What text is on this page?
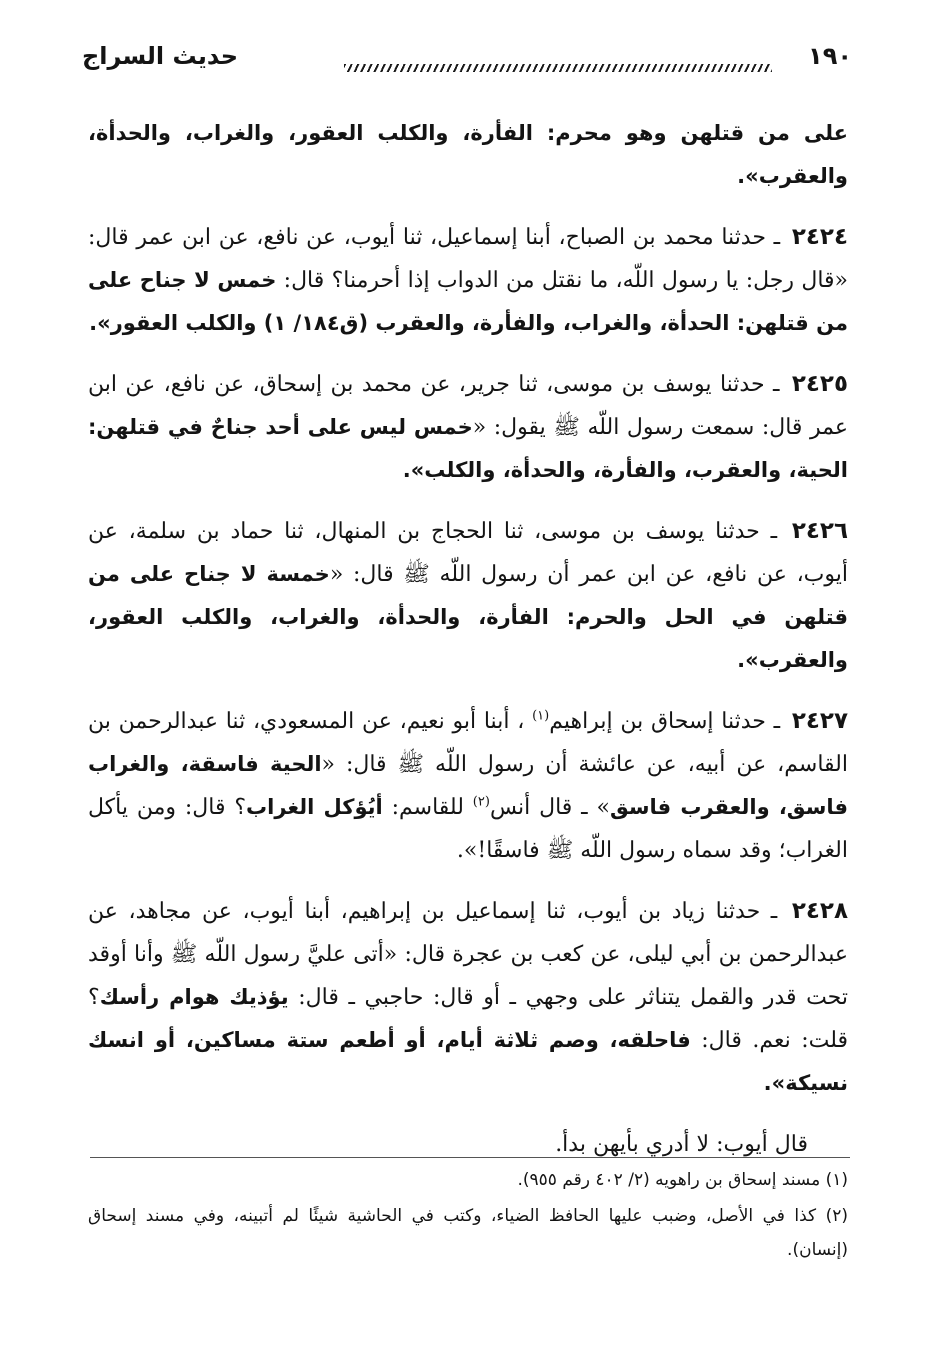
١٩٠
حديث السراج

على من قتلهن وهو محرم: الفأرة، والكلب العقور، والغراب، والحدأة، والعقرب».

٢٤٢٤ ـ حدثنا محمد بن الصباح، أبنا إسماعيل، ثنا أيوب، عن نافع، عن ابن عمر قال: «قال رجل: يا رسول اللّه، ما نقتل من الدواب إذا أحرمنا؟ قال: خمس لا جناح على من قتلهن: الحدأة، والغراب، والفأرة، والعقرب (ق١٨٤/ ١) والكلب العقور».

٢٤٢٥ ـ حدثنا يوسف بن موسى، ثنا جرير، عن محمد بن إسحاق، عن نافع، عن ابن عمر قال: سمعت رسول اللّه ﷺ يقول: «خمس ليس على أحد جناحٌ في قتلهن: الحية، والعقرب، والفأرة، والحدأة، والكلب».

٢٤٢٦ ـ حدثنا يوسف بن موسى، ثنا الحجاج بن المنهال، ثنا حماد بن سلمة، عن أيوب، عن نافع، عن ابن عمر أن رسول اللّه ﷺ قال: «خمسة لا جناح على من قتلهن في الحل والحرم: الفأرة، والحدأة، والغراب، والكلب العقور، والعقرب».

٢٤٢٧ ـ حدثنا إسحاق بن إبراهيم$^{(١)}$ ، أبنا أبو نعيم، عن المسعودي، ثنا عبدالرحمن بن القاسم، عن أبيه، عن عائشة أن رسول اللّه ﷺ قال: «الحية فاسقة، والغراب فاسق، والعقرب فاسق» ـ قال أنس$^{(٢)}$ للقاسم: أيُؤكل الغراب؟ قال: ومن يأكل الغراب؛ وقد سماه رسول اللّه ﷺ فاسقًا!».

٢٤٢٨ ـ حدثنا زياد بن أيوب، ثنا إسماعيل بن إبراهيم، أبنا أيوب، عن مجاهد، عن عبدالرحمن بن أبي ليلى، عن كعب بن عجرة قال: «أتى عليَّ رسول اللّه ﷺ وأنا أوقد تحت قدر والقمل يتناثر على وجهي ـ أو قال: حاجبي ـ قال: يؤذيك هوام رأسك؟ قلت: نعم. قال: فاحلقه، وصم ثلاثة أيام، أو أطعم ستة مساكين، أو انسك نسيكة».

قال أيوب: لا أدري بأيهن بدأ.

(١) مسند إسحاق بن راهويه (٢/ ٤٠٢ رقم ٩٥٥).

(٢) كذا في الأصل، وضبب عليها الحافظ الضياء، وكتب في الحاشية شيئًا لم أتبينه، وفي مسند إسحاق (إنسان).
